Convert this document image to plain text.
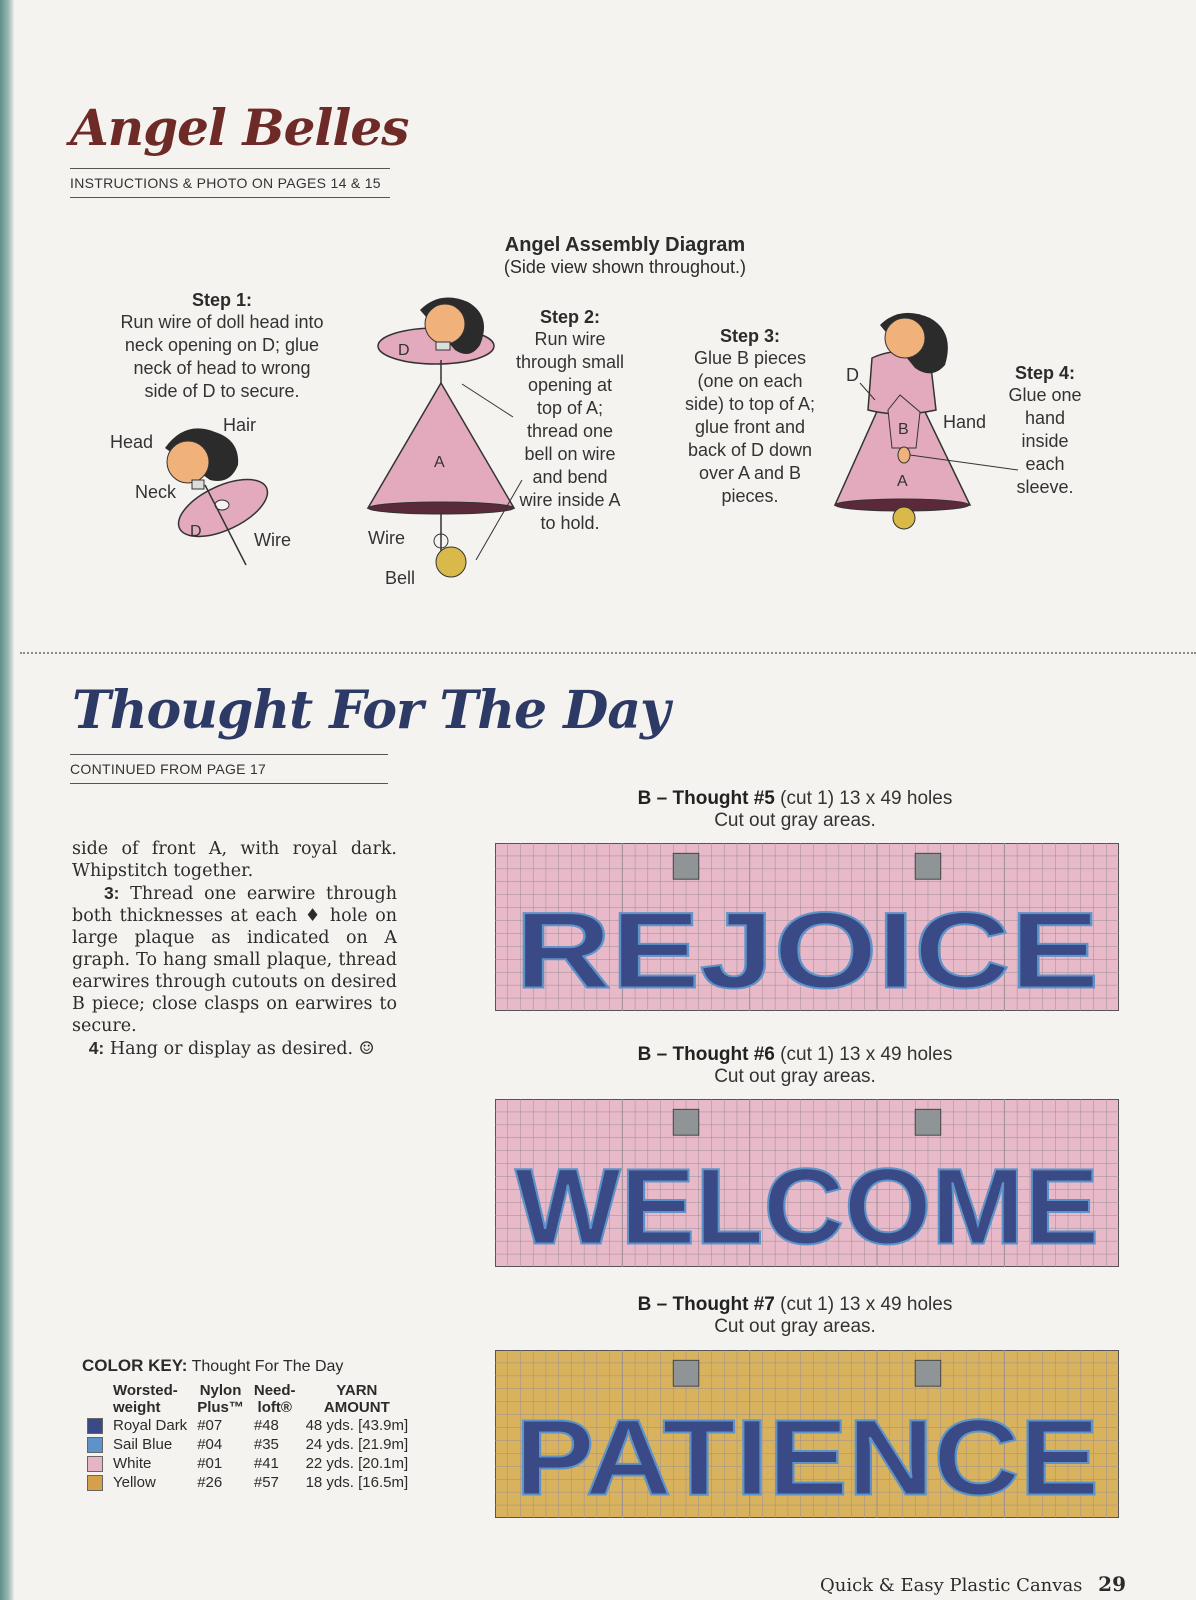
Angel Belles
INSTRUCTIONS & PHOTO ON PAGES 14 & 15
Angel Assembly Diagram
(Side view shown throughout.)
Step 1:
Run wire of doll head into
neck opening on D; glue
neck of head to wrong
side of D to secure.
Step 2:
Run wire
through small
opening at
top of A;
thread one
bell on wire
and bend
wire inside A
to hold.
Step 3:
Glue B pieces
(one on each
side) to top of A;
glue front and
back of D down
over A and B
pieces.
Step 4:
Glue one
hand
inside
each
sleeve.
Head
Hair
Neck
D	Wire
D
A
Wire
Bell
D
B
A
Hand
Thought For The Day
CONTINUED FROM PAGE 17

side of front A, with royal dark. Whipstitch together.

3: Thread one earwire through both thicknesses at each ♦ hole on large plaque as indicated on A graph. To hang small plaque, thread earwires through cutouts on desired B piece; close clasps on earwires to secure.

4: Hang or display as desired. ☺

B – Thought #5 (cut 1) 13 x 49 holes
Cut out gray areas.
REJOICE
B – Thought #6 (cut 1) 13 x 49 holes
Cut out gray areas.
WELCOME
B – Thought #7 (cut 1) 13 x 49 holes
Cut out gray areas.
PATIENCE
COLOR KEY: Thought For The Day
	Worsted-
weight	Nylon
Plus™	Need-
loft®	YARN
AMOUNT
	Royal Dark	#07	#48	48 yds. [43.9m]
	Sail Blue	#04	#35	24 yds. [21.9m]
	White	#01	#41	22 yds. [20.1m]
	Yellow	#26	#57	18 yds. [16.5m]
Quick & Easy Plastic Canvas 29
